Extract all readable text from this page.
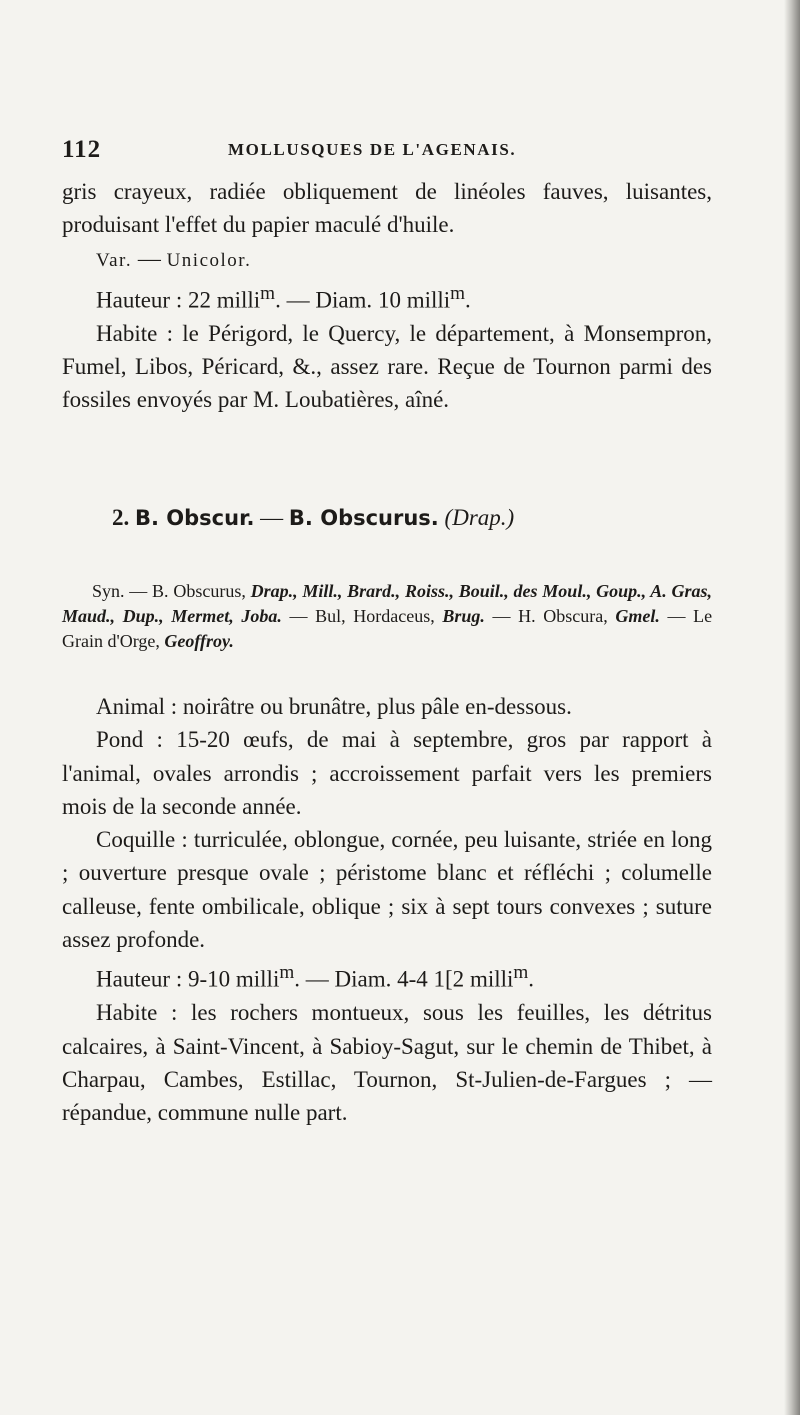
112	MOLLUSQUES DE L'AGENAIS.

gris crayeux, radiée obliquement de linéoles fauves, luisantes, produisant l'effet du papier maculé d'huile.

Var. — Unicolor.

Hauteur : 22 milli$^m$. — Diam. 10 milli$^m$.

Habite : le Périgord, le Quercy, le département, à Monsempron, Fumel, Libos, Péricard, &., assez rare. Reçue de Tournon parmi des fossiles envoyés par M. Loubatières, aîné.

2. B. Obscur. — B. Obscurus. (Drap.)

Syn. — B. Obscurus, Drap., Mill., Brard., Roiss., Bouil., des Moul., Goup., A. Gras, Maud., Dup., Mermet, Joba. — Bul, Hordaceus, Brug. — H. Obscura, Gmel. — Le Grain d'Orge, Geoffroy.

Animal : noirâtre ou brunâtre, plus pâle en-dessous.

Pond : 15-20 œufs, de mai à septembre, gros par rapport à l'animal, ovales arrondis ; accroissement parfait vers les premiers mois de la seconde année.

Coquille : turriculée, oblongue, cornée, peu luisante, striée en long ; ouverture presque ovale ; péristome blanc et réfléchi ; columelle calleuse, fente ombilicale, oblique ; six à sept tours convexes ; suture assez profonde.

Hauteur : 9-10 milli$^m$. — Diam. 4-4 1[2 milli$^m$.

Habite : les rochers montueux, sous les feuilles, les détritus calcaires, à Saint-Vincent, à Sabioy-Sagut, sur le chemin de Thibet, à Charpau, Cambes, Estillac, Tournon, St-Julien-de-Fargues ; — répandue, commune nulle part.
